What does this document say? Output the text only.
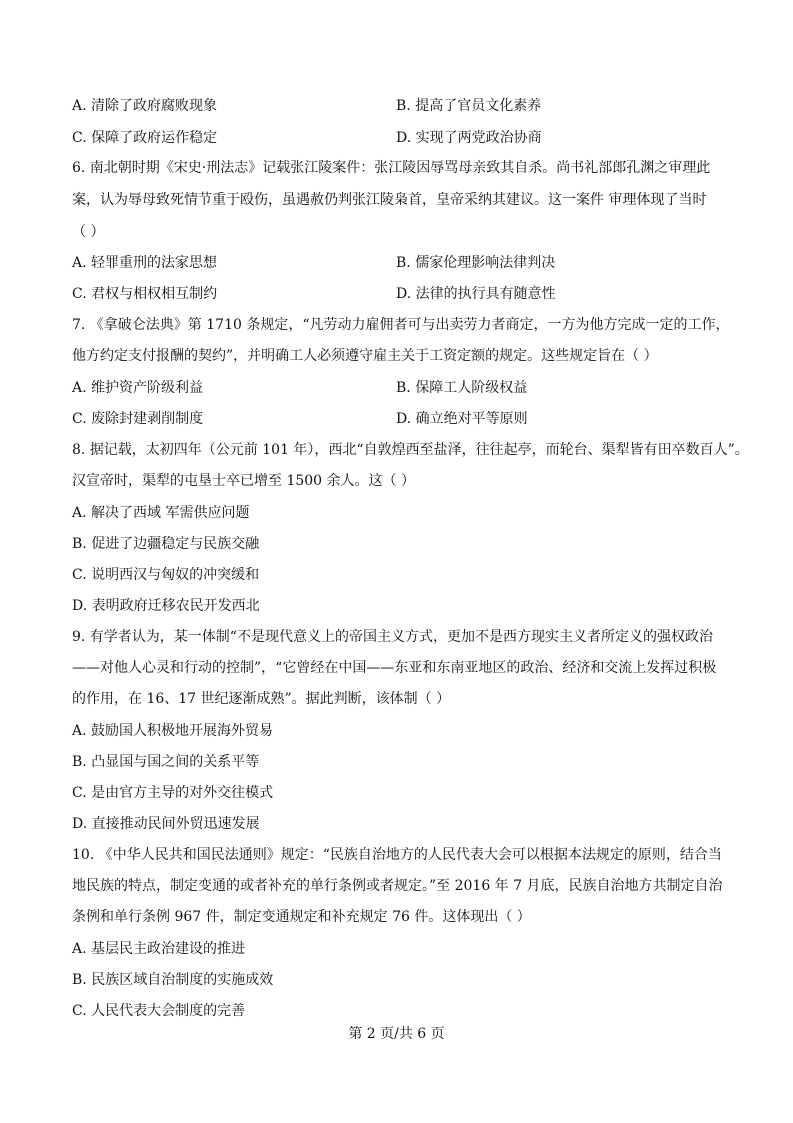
A. 清除了政府腐败现象	B. 提高了官员文化素养
C. 保障了政府运作稳定	D. 实现了两党政治协商
6. 南北朝时期《宋史·刑法志》记载张江陵案件：张江陵因辱骂母亲致其自杀。尚书礼部郎孔渊之审理此
案，认为辱母致死情节重于殴伤，虽遇赦仍判张江陵枭首，皇帝采纳其建议。这一案件 审理体现了当时
（ ）
A. 轻罪重刑的法家思想	B. 儒家伦理影响法律判决
C. 君权与相权相互制约	D. 法律的执行具有随意性
7. 《拿破仑法典》第 1710 条规定，“凡劳动力雇佣者可与出卖劳力者商定，一方为他方完成一定的工作，
他方约定支付报酬的契约”，并明确工人必须遵守雇主关于工资定额的规定。这些规定旨在（ ）
A. 维护资产阶级利益	B. 保障工人阶级权益
C. 废除封建剥削制度	D. 确立绝对平等原则
8. 据记载，太初四年（公元前 101 年），西北“自敦煌西至盐泽，往往起亭，而轮台、渠犁皆有田卒数百人”。
汉宣帝时，渠犁的屯垦士卒已增至 1500 余人。这（ ）
A. 解决了西域 军需供应问题
B. 促进了边疆稳定与民族交融
C. 说明西汉与匈奴的冲突缓和
D. 表明政府迁移农民开发西北
9. 有学者认为，某一体制“不是现代意义上的帝国主义方式，更加不是西方现实主义者所定义的强权政治
——对他人心灵和行动的控制”，“它曾经在中国——东亚和东南亚地区的政治、经济和交流上发挥过积极
的作用，在 16、17 世纪逐渐成熟”。据此判断，该体制（ ）
A. 鼓励国人积极地开展海外贸易
B. 凸显国与国之间的关系平等
C. 是由官方主导的对外交往模式
D. 直接推动民间外贸迅速发展
10. 《中华人民共和国民法通则》规定：“民族自治地方的人民代表大会可以根据本法规定的原则，结合当
地民族的特点，制定变通的或者补充的单行条例或者规定。”至 2016 年 7 月底，民族自治地方共制定自治
条例和单行条例 967 件，制定变通规定和补充规定 76 件。这体现出（ ）
A. 基层民主政治建设的推进
B. 民族区域自治制度的实施成效
C. 人民代表大会制度的完善
第 2 页/共 6 页
